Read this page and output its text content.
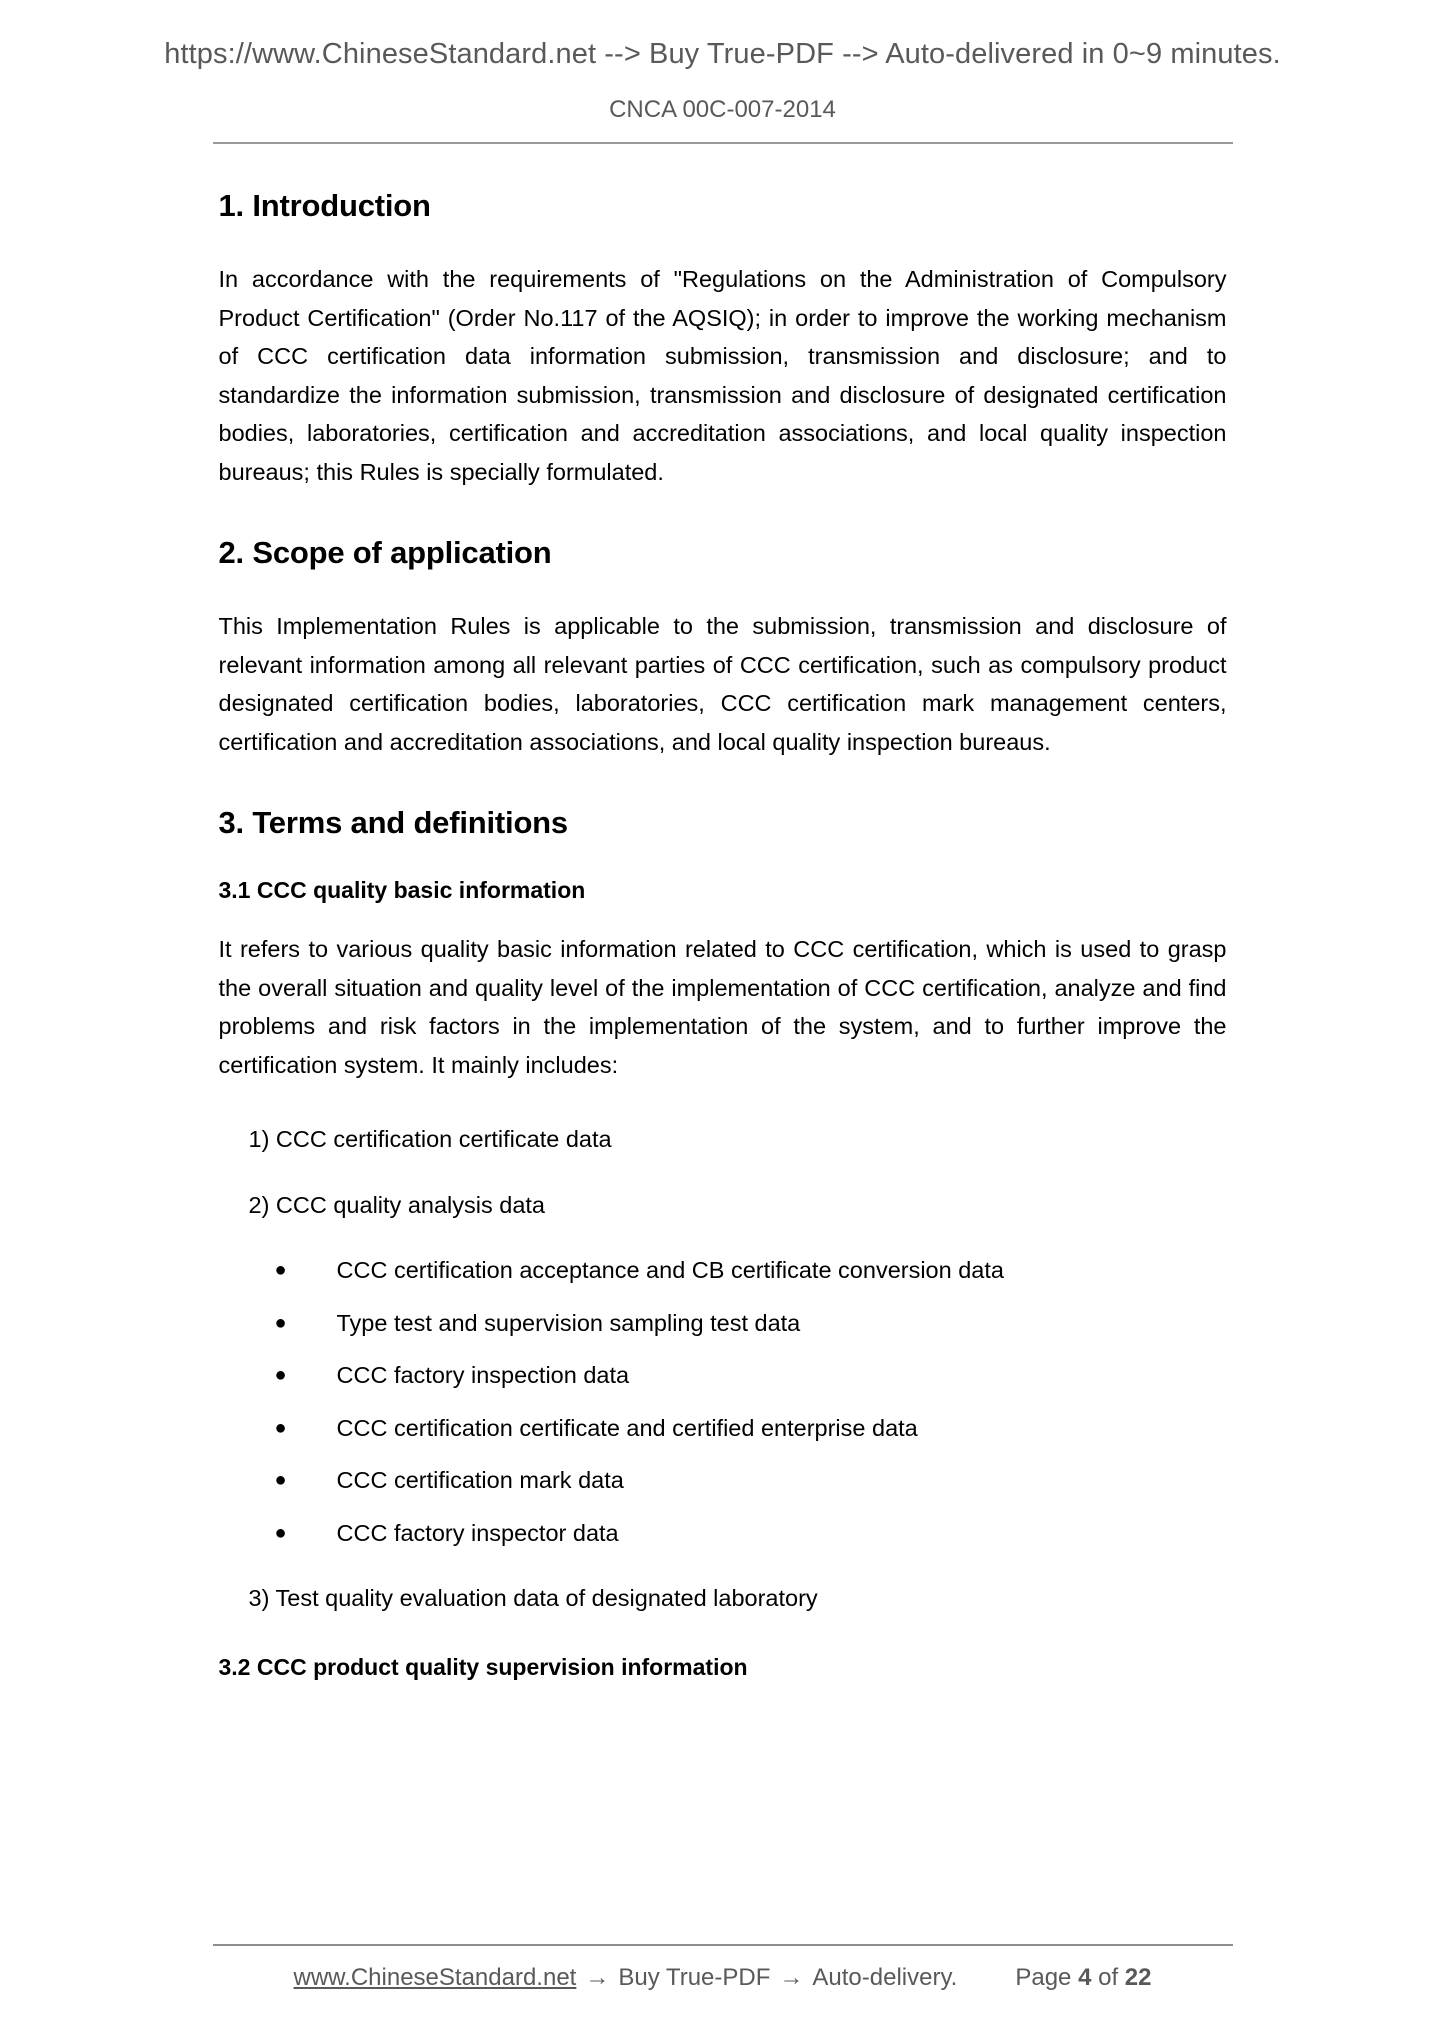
https://www.ChineseStandard.net --> Buy True-PDF --> Auto-delivered in 0~9 minutes.
CNCA 00C-007-2014
1. Introduction

In accordance with the requirements of "Regulations on the Administration of Compulsory Product Certification" (Order No.117 of the AQSIQ); in order to improve the working mechanism of CCC certification data information submission, transmission and disclosure; and to standardize the information submission, transmission and disclosure of designated certification bodies, laboratories, certification and accreditation associations, and local quality inspection bureaus; this Rules is specially formulated.

2. Scope of application

This Implementation Rules is applicable to the submission, transmission and disclosure of relevant information among all relevant parties of CCC certification, such as compulsory product designated certification bodies, laboratories, CCC certification mark management centers, certification and accreditation associations, and local quality inspection bureaus.

3. Terms and definitions
3.1 CCC quality basic information

It refers to various quality basic information related to CCC certification, which is used to grasp the overall situation and quality level of the implementation of CCC certification, analyze and find problems and risk factors in the implementation of the system, and to further improve the certification system. It mainly includes:

1) CCC certification certificate data
2) CCC quality analysis data
●	CCC certification acceptance and CB certificate conversion data
●	Type test and supervision sampling test data
●	CCC factory inspection data
●	CCC certification certificate and certified enterprise data
●	CCC certification mark data
●	CCC factory inspector data
3) Test quality evaluation data of designated laboratory
3.2 CCC product quality supervision information
www.ChineseStandard.net → Buy True-PDF → Auto-delivery. Page 4 of 22
